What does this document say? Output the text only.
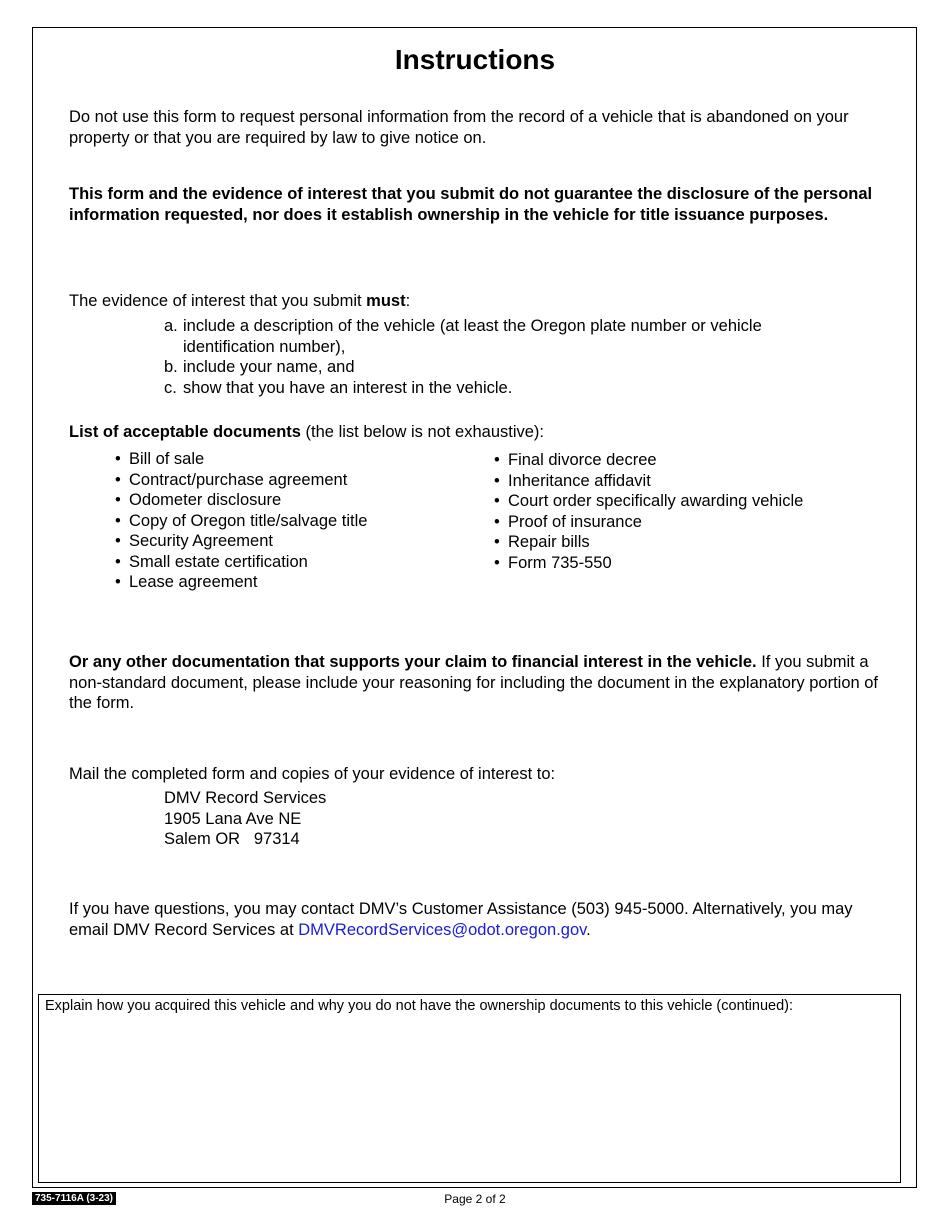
Instructions
Do not use this form to request personal information from the record of a vehicle that is abandoned on your property or that you are required by law to give notice on.
This form and the evidence of interest that you submit do not guarantee the disclosure of the personal information requested, nor does it establish ownership in the vehicle for title issuance purposes.
The evidence of interest that you submit must:
a. include a description of the vehicle (at least the Oregon plate number or vehicle identification number),
b. include your name, and
c. show that you have an interest in the vehicle.
List of acceptable documents (the list below is not exhaustive):
• Bill of sale
• Contract/purchase agreement
• Odometer disclosure
• Copy of Oregon title/salvage title
• Security Agreement
• Small estate certification
• Lease agreement
• Final divorce decree
• Inheritance affidavit
• Court order specifically awarding vehicle
• Proof of insurance
• Repair bills
• Form 735-550
Or any other documentation that supports your claim to financial interest in the vehicle. If you submit a non-standard document, please include your reasoning for including the document in the explanatory portion of the form.
Mail the completed form and copies of your evidence of interest to:
DMV Record Services
1905 Lana Ave NE
Salem OR   97314
If you have questions, you may contact DMV’s Customer Assistance (503) 945-5000. Alternatively, you may email DMV Record Services at DMVRecordServices@odot.oregon.gov.
Explain how you acquired this vehicle and why you do not have the ownership documents to this vehicle (continued):
735-7116A (3-23)	Page 2 of 2
